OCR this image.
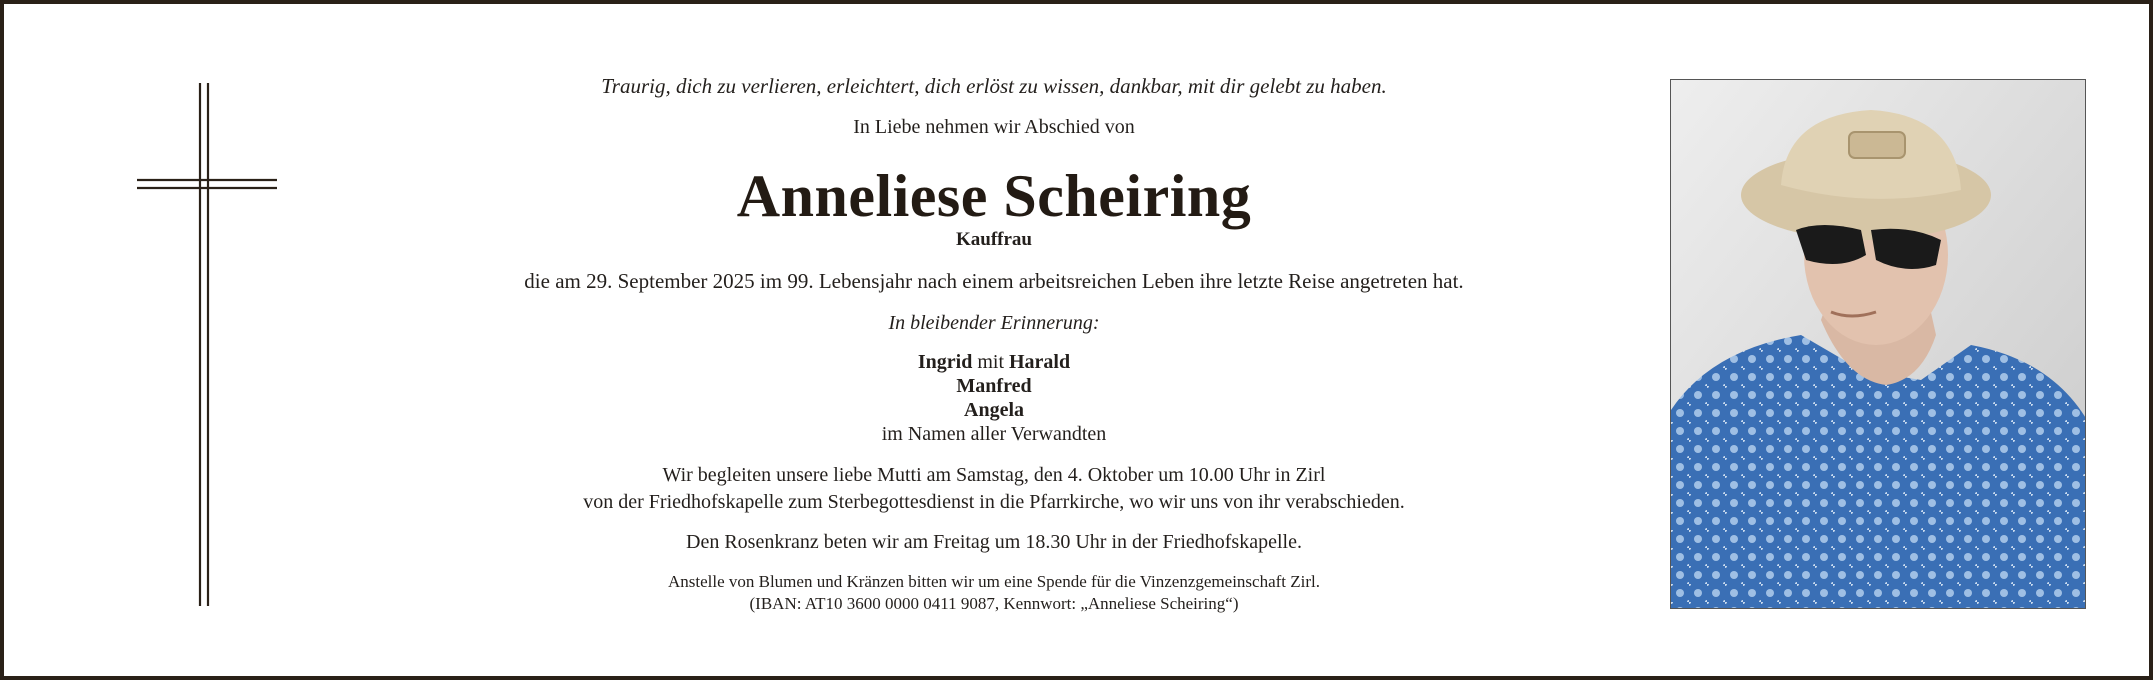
Traurig, dich zu verlieren, erleichtert, dich erlöst zu wissen, dankbar, mit dir gelebt zu haben.
In Liebe nehmen wir Abschied von
Anneliese Scheiring
Kauffrau
die am 29. September 2025 im 99. Lebensjahr nach einem arbeitsreichen Leben ihre letzte Reise angetreten hat.
In bleibender Erinnerung:
Ingrid mit Harald
Manfred
Angela
im Namen aller Verwandten
Wir begleiten unsere liebe Mutti am Samstag, den 4. Oktober um 10.00 Uhr in Zirl
von der Friedhofskapelle zum Sterbegottesdienst in die Pfarrkirche, wo wir uns von ihr verabschieden.
Den Rosenkranz beten wir am Freitag um 18.30 Uhr in der Friedhofskapelle.
Anstelle von Blumen und Kränzen bitten wir um eine Spende für die Vinzenzgemeinschaft Zirl.
(IBAN: AT10 3600 0000 0411 9087, Kennwort: „Anneliese Scheiring“)
